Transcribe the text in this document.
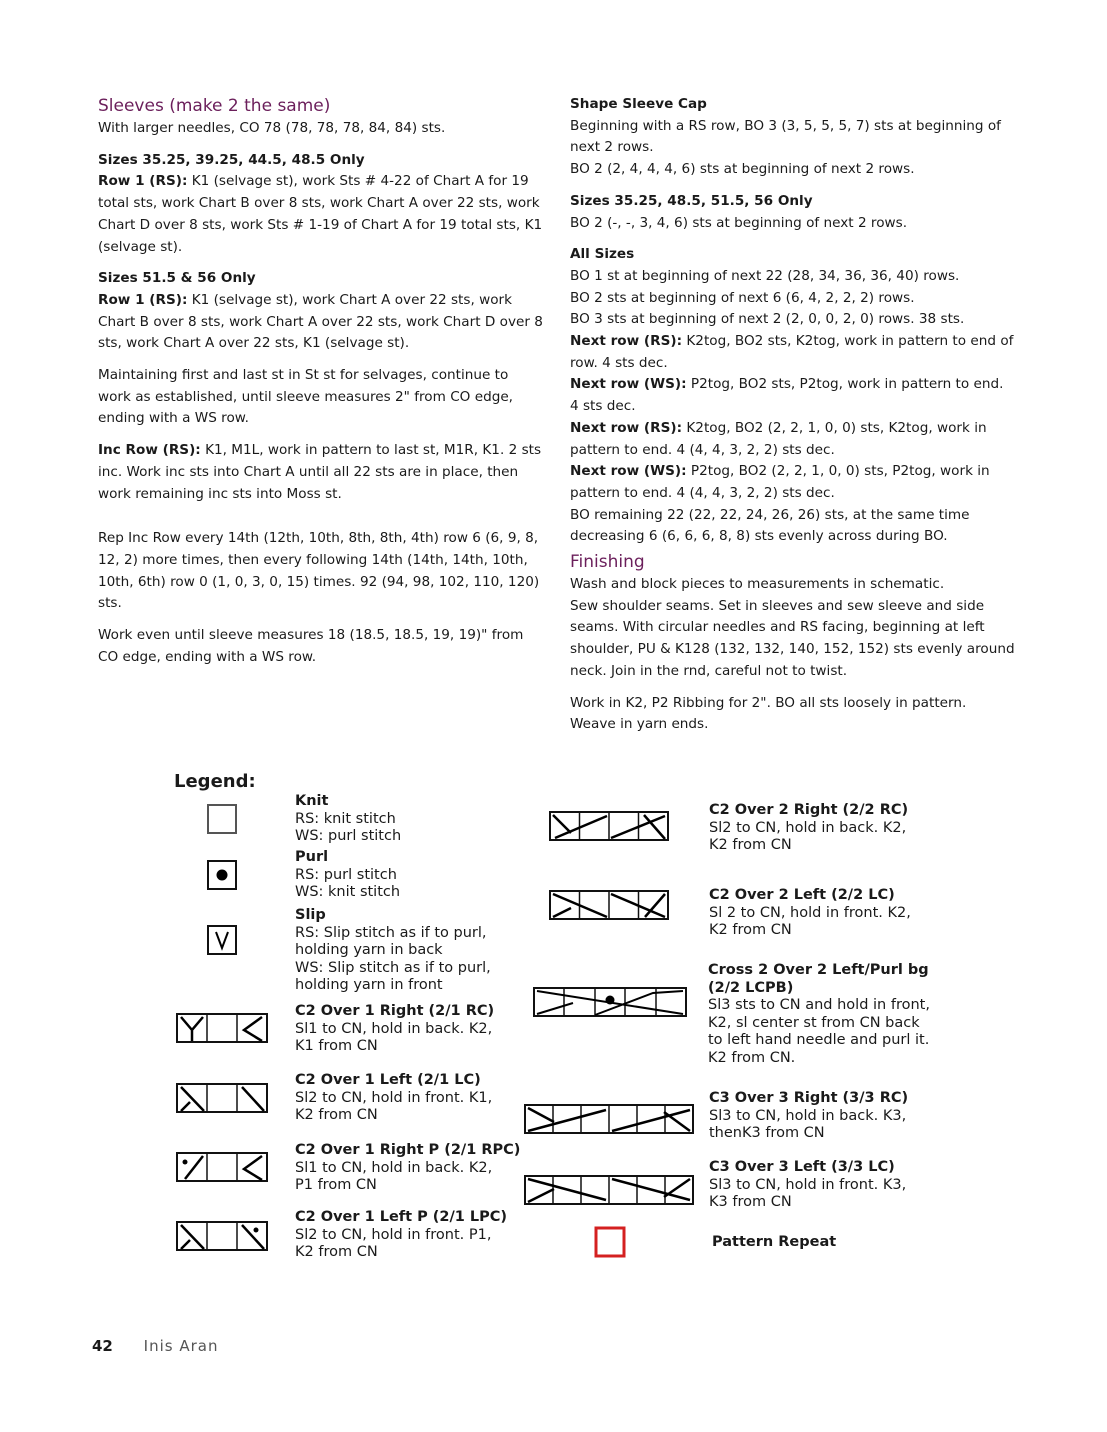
Sleeves (make 2 the same)

With larger needles, CO 78 (78, 78, 78, 84, 84) sts.

Sizes 35.25, 39.25, 44.5, 48.5 Only

Row 1 (RS): K1 (selvage st), work Sts # 4-22 of Chart A for 19 total sts, work Chart B over 8 sts, work Chart A over 22 sts, work Chart D over 8 sts, work Sts # 1-19 of Chart A for 19 total sts, K1 (selvage st).

Sizes 51.5 & 56 Only

Row 1 (RS): K1 (selvage st), work Chart A over 22 sts, work Chart B over 8 sts, work Chart A over 22 sts, work Chart D over 8 sts, work Chart A over 22 sts, K1 (selvage st).

Maintaining first and last st in St st for selvages, continue to work as established, until sleeve measures 2" from CO edge, ending with a WS row.

Inc Row (RS): K1, M1L, work in pattern to last st, M1R, K1. 2 sts inc. Work inc sts into Chart A until all 22 sts are in place, then work remaining inc sts into Moss st.

Rep Inc Row every 14th (12th, 10th, 8th, 8th, 4th) row 6 (6, 9, 8, 12, 2) more times, then every following 14th (14th, 14th, 10th, 10th, 6th) row 0 (1, 0, 3, 0, 15) times. 92 (94, 98, 102, 110, 120) sts.

Work even until sleeve measures 18 (18.5, 18.5, 19, 19)" from CO edge, ending with a WS row.

Shape Sleeve Cap

Beginning with a RS row, BO 3 (3, 5, 5, 5, 7) sts at beginning of next 2 rows.

BO 2 (2, 4, 4, 4, 6) sts at beginning of next 2 rows.

Sizes 35.25, 48.5, 51.5, 56 Only

BO 2 (-, -, 3, 4, 6) sts at beginning of next 2 rows.

All Sizes

BO 1 st at beginning of next 22 (28, 34, 36, 36, 40) rows.

BO 2 sts at beginning of next 6 (6, 4, 2, 2, 2) rows.

BO 3 sts at beginning of next 2 (2, 0, 0, 2, 0) rows. 38 sts.

Next row (RS): K2tog, BO2 sts, K2tog, work in pattern to end of row. 4 sts dec.

Next row (WS): P2tog, BO2 sts, P2tog, work in pattern to end. 4 sts dec.

Next row (RS): K2tog, BO2 (2, 2, 1, 0, 0) sts, K2tog, work in pattern to end. 4 (4, 4, 3, 2, 2) sts dec.

Next row (WS): P2tog, BO2 (2, 2, 1, 0, 0) sts, P2tog, work in pattern to end. 4 (4, 4, 3, 2, 2) sts dec.

BO remaining 22 (22, 22, 24, 26, 26) sts, at the same time decreasing 6 (6, 6, 6, 8, 8) sts evenly across during BO.

Finishing

Wash and block pieces to measurements in schematic.

Sew shoulder seams. Set in sleeves and sew sleeve and side seams. With circular needles and RS facing, beginning at left shoulder, PU & K128 (132, 132, 140, 152, 152) sts evenly around neck. Join in the rnd, careful not to twist.

Work in K2, P2 Ribbing for 2". BO all sts loosely in pattern. Weave in yarn ends.

Legend:
Knit
RS: knit stitch
WS: purl stitch
Purl
RS: purl stitch
WS: knit stitch
Slip
RS: Slip stitch as if to purl,
holding yarn in back
WS: Slip stitch as if to purl,
holding yarn in front
C2 Over 1 Right (2/1 RC)
Sl1 to CN, hold in back. K2,
K1 from CN
C2 Over 1 Left (2/1 LC)
Sl2 to CN, hold in front. K1,
K2 from CN
C2 Over 1 Right P (2/1 RPC)
Sl1 to CN, hold in back. K2,
P1 from CN
C2 Over 1 Left P (2/1 LPC)
Sl2 to CN, hold in front. P1,
K2 from CN
C2 Over 2 Right (2/2 RC)
Sl2 to CN, hold in back. K2,
K2 from CN
C2 Over 2 Left (2/2 LC)
Sl 2 to CN, hold in front. K2,
K2 from CN
Cross 2 Over 2 Left/Purl bg
(2/2 LCPB)
Sl3 sts to CN and hold in front,
K2, sl center st from CN back
to left hand needle and purl it.
K2 from CN.
C3 Over 3 Right (3/3 RC)
Sl3 to CN, hold in back. K3,
thenK3 from CN
C3 Over 3 Left (3/3 LC)
Sl3 to CN, hold in front. K3,
K3 from CN
Pattern Repeat
42 Inis Aran
